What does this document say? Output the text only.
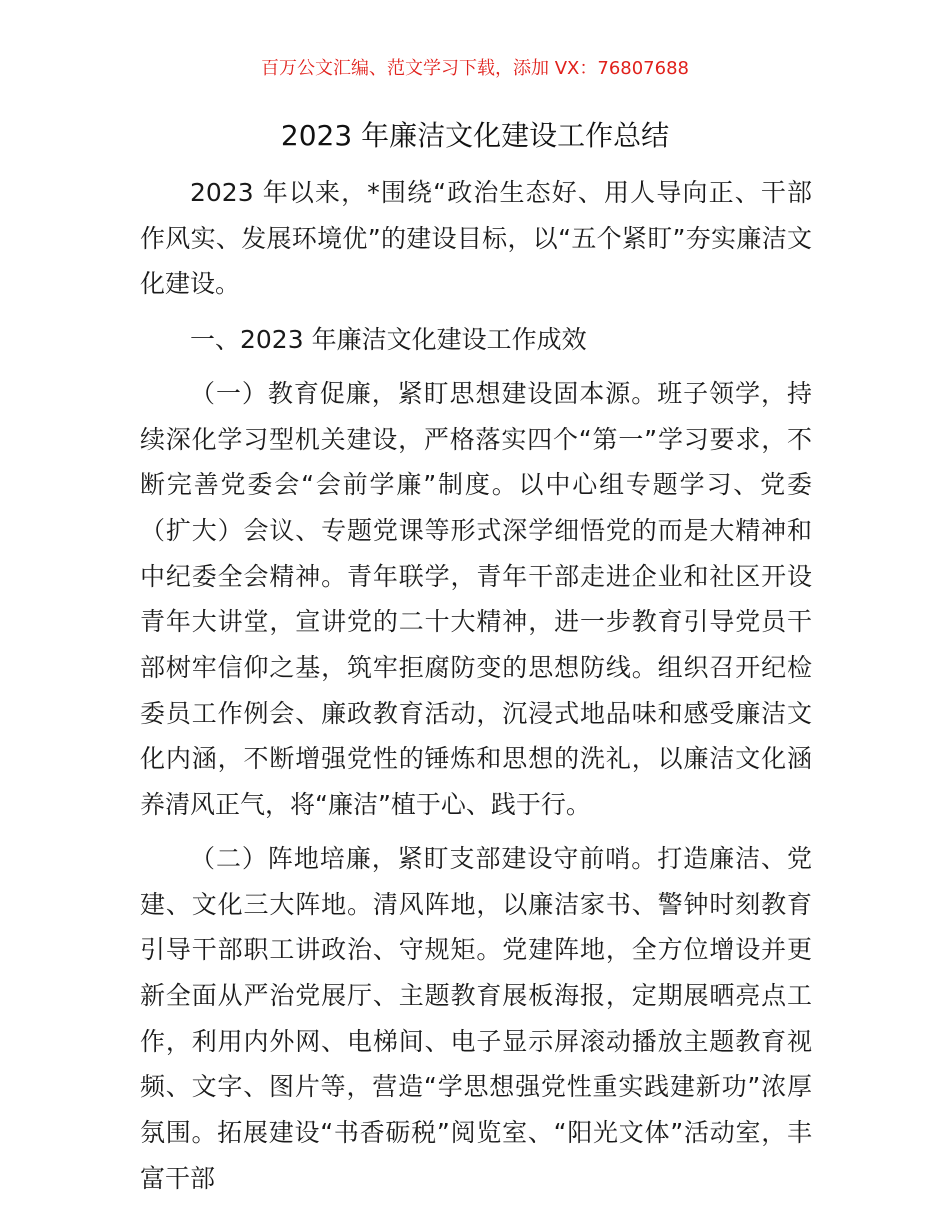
百万公文汇编、范文学习下载，添加 VX：76807688
2023 年廉洁文化建设工作总结

2023 年以来，*围绕“政治生态好、用人导向正、干部作风实、发展环境优”的建设目标，以“五个紧盯”夯实廉洁文化建设。

一、2023 年廉洁文化建设工作成效

（一）教育促廉，紧盯思想建设固本源。班子领学，持续深化学习型机关建设，严格落实四个“第一”学习要求，不断完善党委会“会前学廉”制度。以中心组专题学习、党委（扩大）会议、专题党课等形式深学细悟党的而是大精神和中纪委全会精神。青年联学，青年干部走进企业和社区开设青年大讲堂，宣讲党的二十大精神，进一步教育引导党员干部树牢信仰之基，筑牢拒腐防变的思想防线。组织召开纪检委员工作例会、廉政教育活动，沉浸式地品味和感受廉洁文化内涵，不断增强党性的锤炼和思想的洗礼，以廉洁文化涵养清风正气，将“廉洁”植于心、践于行。

（二）阵地培廉，紧盯支部建设守前哨。打造廉洁、党建、文化三大阵地。清风阵地，以廉洁家书、警钟时刻教育引导干部职工讲政治、守规矩。党建阵地，全方位增设并更新全面从严治党展厅、主题教育展板海报，定期展晒亮点工作，利用内外网、电梯间、电子显示屏滚动播放主题教育视频、文字、图片等，营造“学思想强党性重实践建新功”浓厚氛围。拓展建设“书香砺税”阅览室、“阳光文体”活动室，丰富干部
